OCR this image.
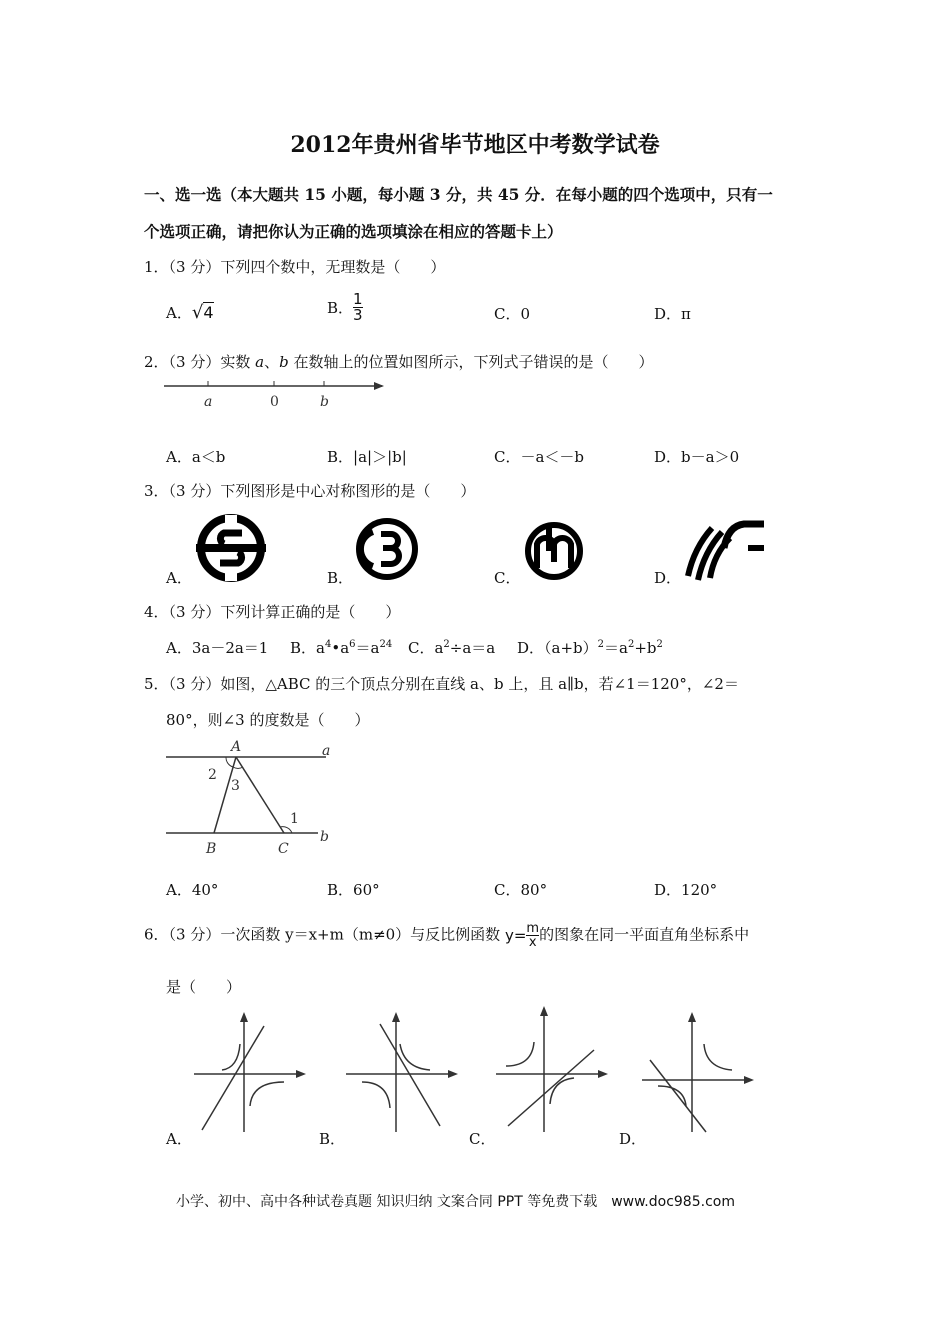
2012年贵州省毕节地区中考数学试卷
一、选一选（本大题共 15 小题，每小题 3 分，共 45 分．在每小题的四个选项中，只有一
个选项正确，请把你认为正确的选项填涂在相应的答题卡上）
1．（3 分）下列四个数中，无理数是（　　）
A．√4	B． $\frac{1}{3}$	C．0	D．π
2．（3 分）实数 a、b 在数轴上的位置如图所示，下列式子错误的是（　　）
a	0	b
A．a＜b	B．|a|＞|b|	C．－a＜－b	D．b－a＞0
3．（3 分）下列图形是中心对称图形的是（　　）
A．	B．	C．	D．
4．（3 分）下列计算正确的是（　　）
A．3a－2a＝1 B．$a^4•a^6=a^{24}$ C．$a^2\div a=a$ D．$(a+b)^2=a^2+b^2$
5．（3 分）如图，△ABC 的三个顶点分别在直线 a、b 上，且 a∥b，若∠1＝120°，∠2＝
80°，则∠3 的度数是（　　）
A	a
B	C
b
1
2
3
A．40°	B．60°	C．80°	D．120°
6．（3 分）一次函数 y＝x+m（m≠0）与反比例函数 $y= \frac{m}{x}$ 的图象在同一平面直角坐标系中
是（　　）
A．	B．	C．	D．
小学、初中、高中各种试卷真题 知识归纳 文案合同 PPT 等免费下载　www.doc985.com
